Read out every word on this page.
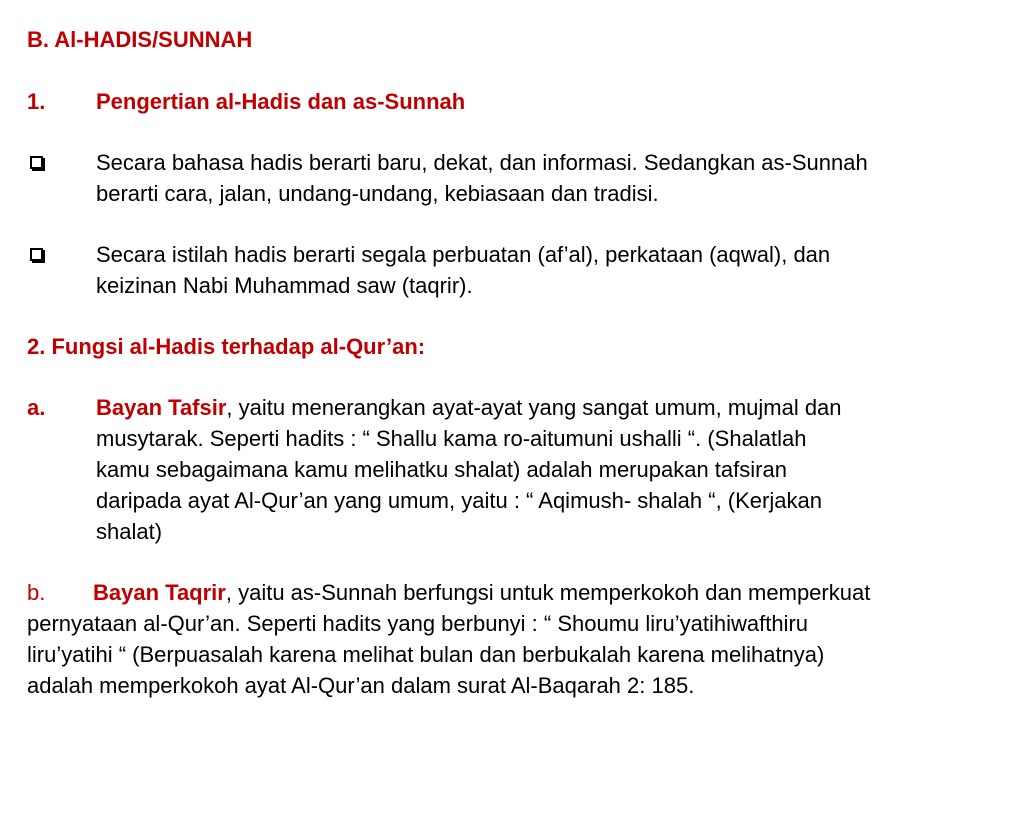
B. Al-HADIS/SUNNAH
1. Pengertian al-Hadis dan as-Sunnah
Secara bahasa hadis berarti baru, dekat, dan informasi. Sedangkan as-Sunnah
berarti cara, jalan, undang-undang, kebiasaan dan tradisi.
Secara istilah hadis berarti segala perbuatan (af’al), perkataan (aqwal), dan
keizinan Nabi Muhammad saw (taqrir).
2. Fungsi al-Hadis terhadap al-Qur’an:
a. Bayan Tafsir, yaitu menerangkan ayat-ayat yang sangat umum, mujmal dan
musytarak. Seperti hadits : “ Shallu kama ro-aitumuni ushalli “. (Shalatlah
kamu sebagaimana kamu melihatku shalat) adalah merupakan tafsiran
daripada ayat Al-Qur’an yang umum, yaitu : “ Aqimush- shalah “, (Kerjakan
shalat)
b. Bayan Taqrir, yaitu as-Sunnah berfungsi untuk memperkokoh dan memperkuat
pernyataan al-Qur’an. Seperti hadits yang berbunyi : “ Shoumu liru’yatihiwafthiru
liru’yatihi “ (Berpuasalah karena melihat bulan dan berbukalah karena melihatnya)
adalah memperkokoh ayat Al-Qur’an dalam surat Al-Baqarah 2: 185.
